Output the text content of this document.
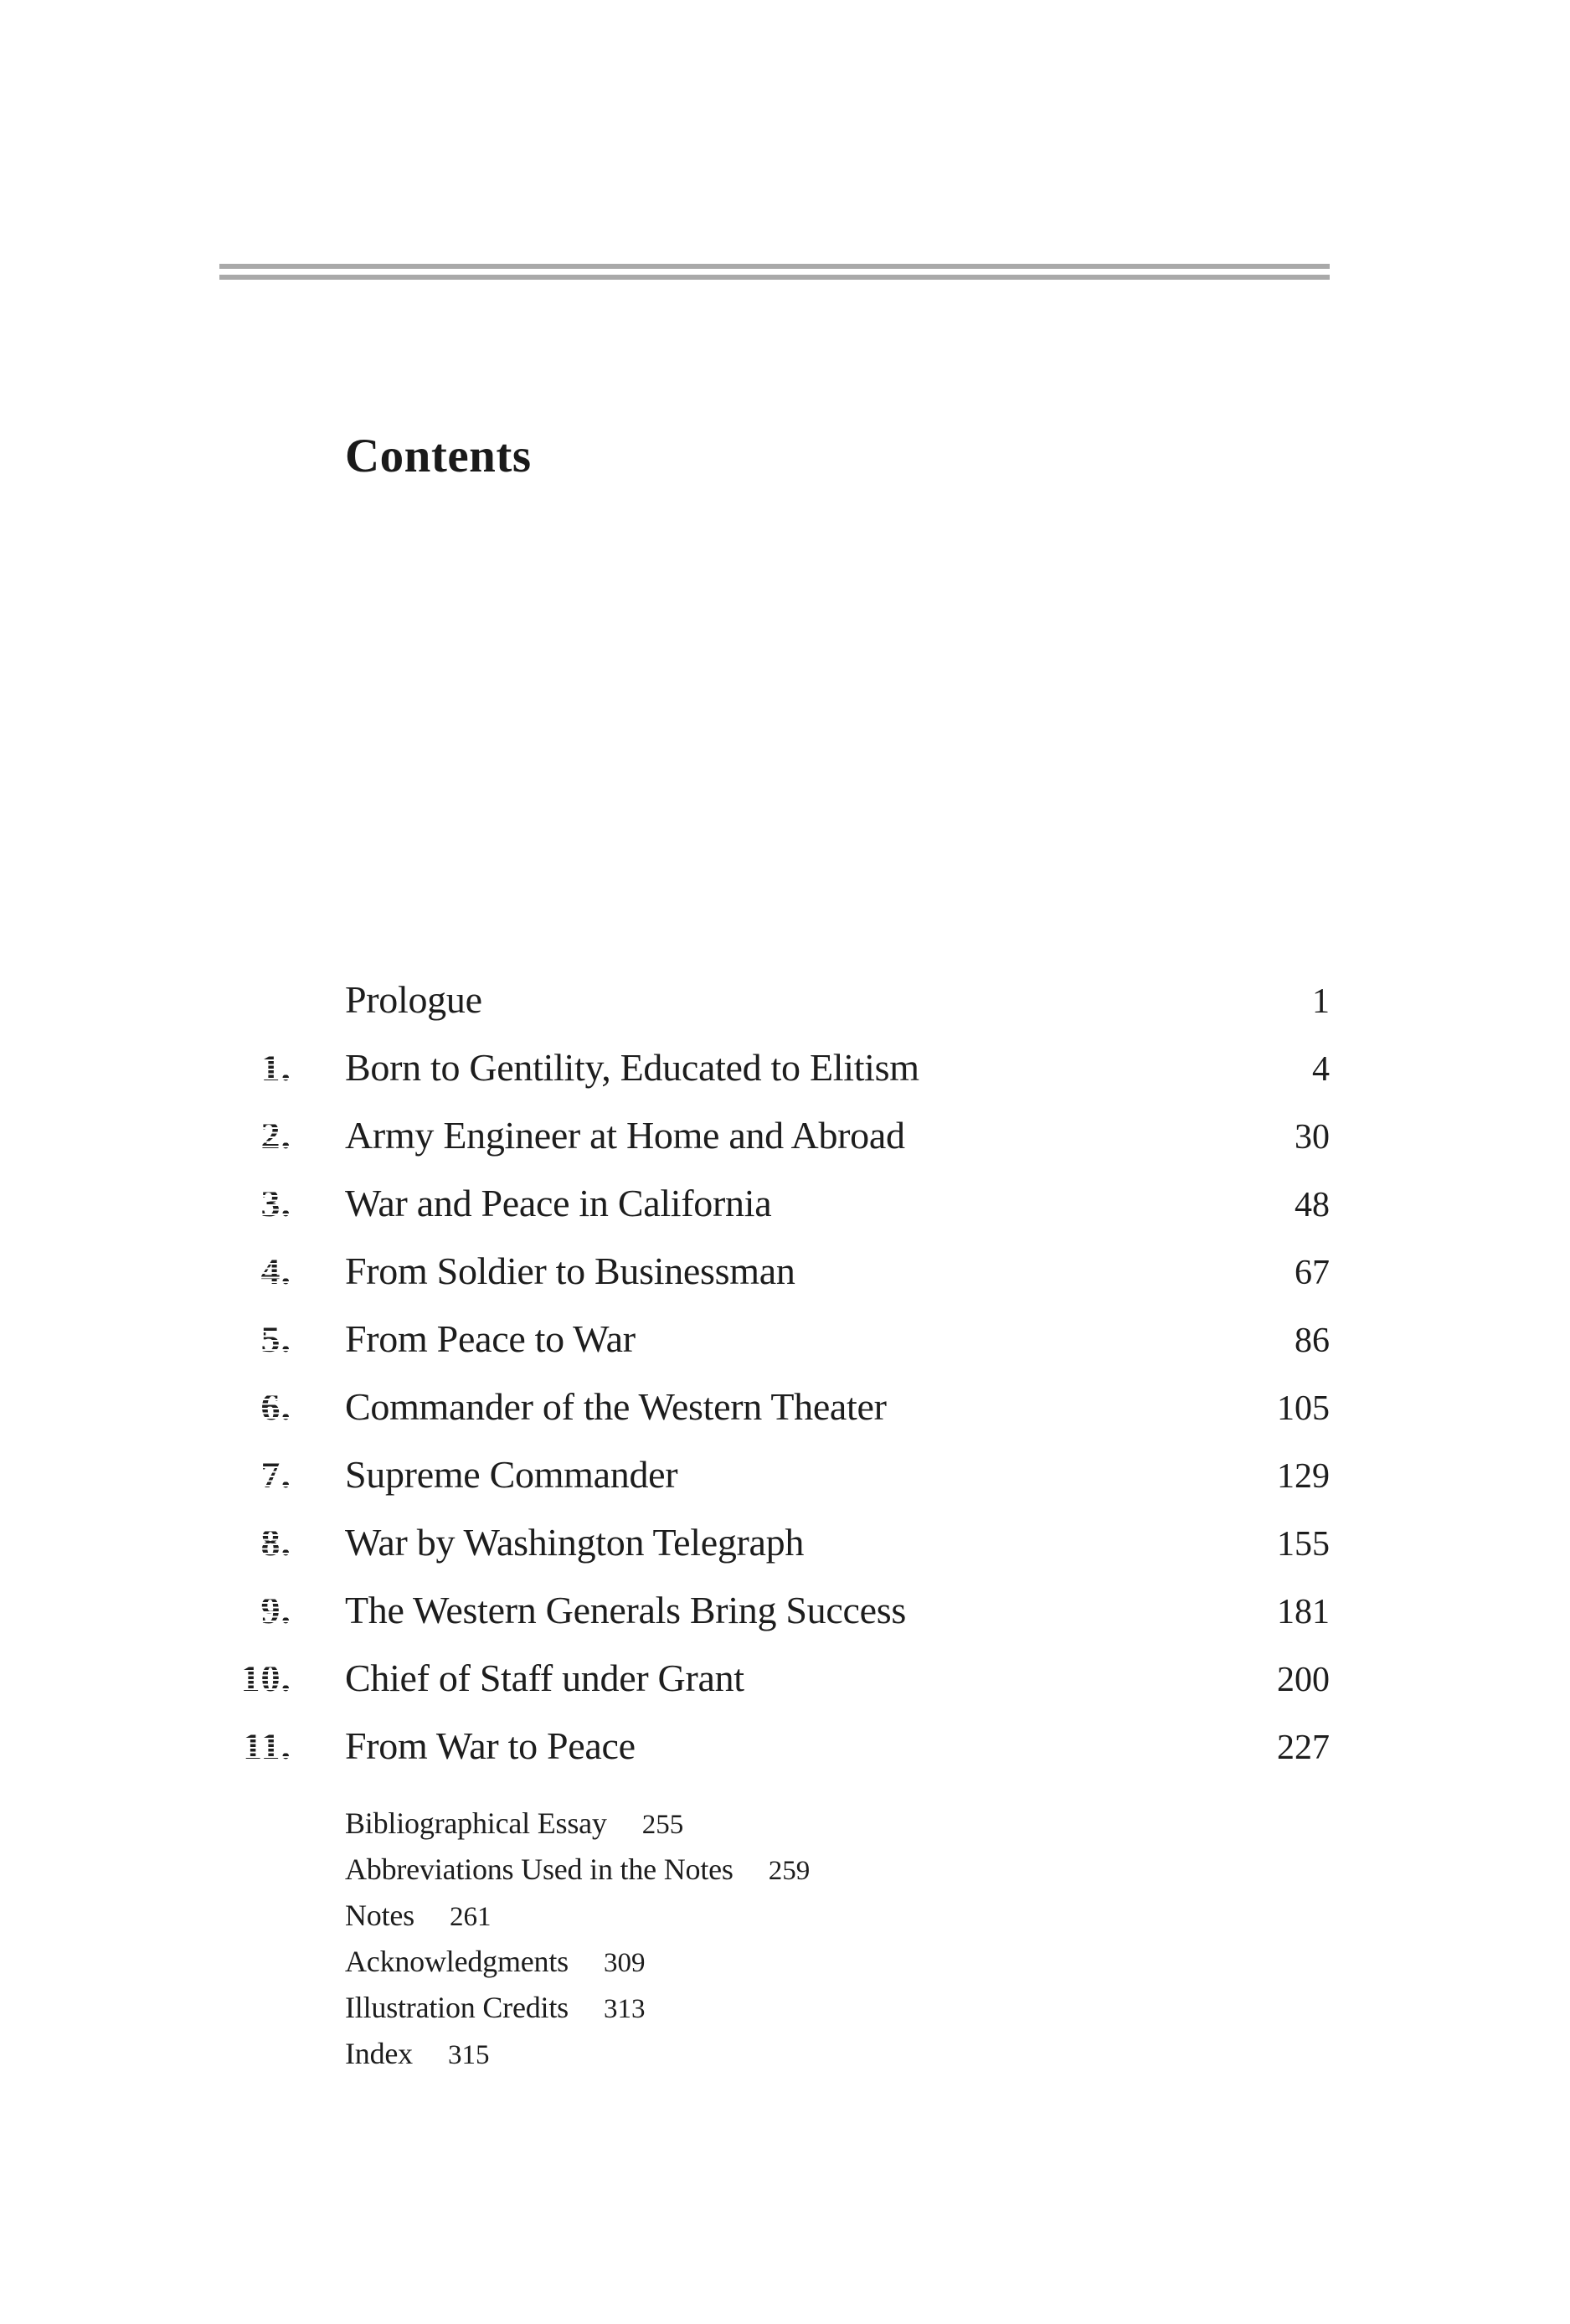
Contents
Prologue	1
1.	Born to Gentility, Educated to Elitism	4
2.	Army Engineer at Home and Abroad	30
3.	War and Peace in California	48
4.	From Soldier to Businessman	67
5.	From Peace to War	86
6.	Commander of the Western Theater	105
7.	Supreme Commander	129
8.	War by Washington Telegraph	155
9.	The Western Generals Bring Success	181
10.	Chief of Staff under Grant	200
11.	From War to Peace	227
Bibliographical Essay 255
Abbreviations Used in the Notes 259
Notes 261
Acknowledgments 309
Illustration Credits 313
Index 315
